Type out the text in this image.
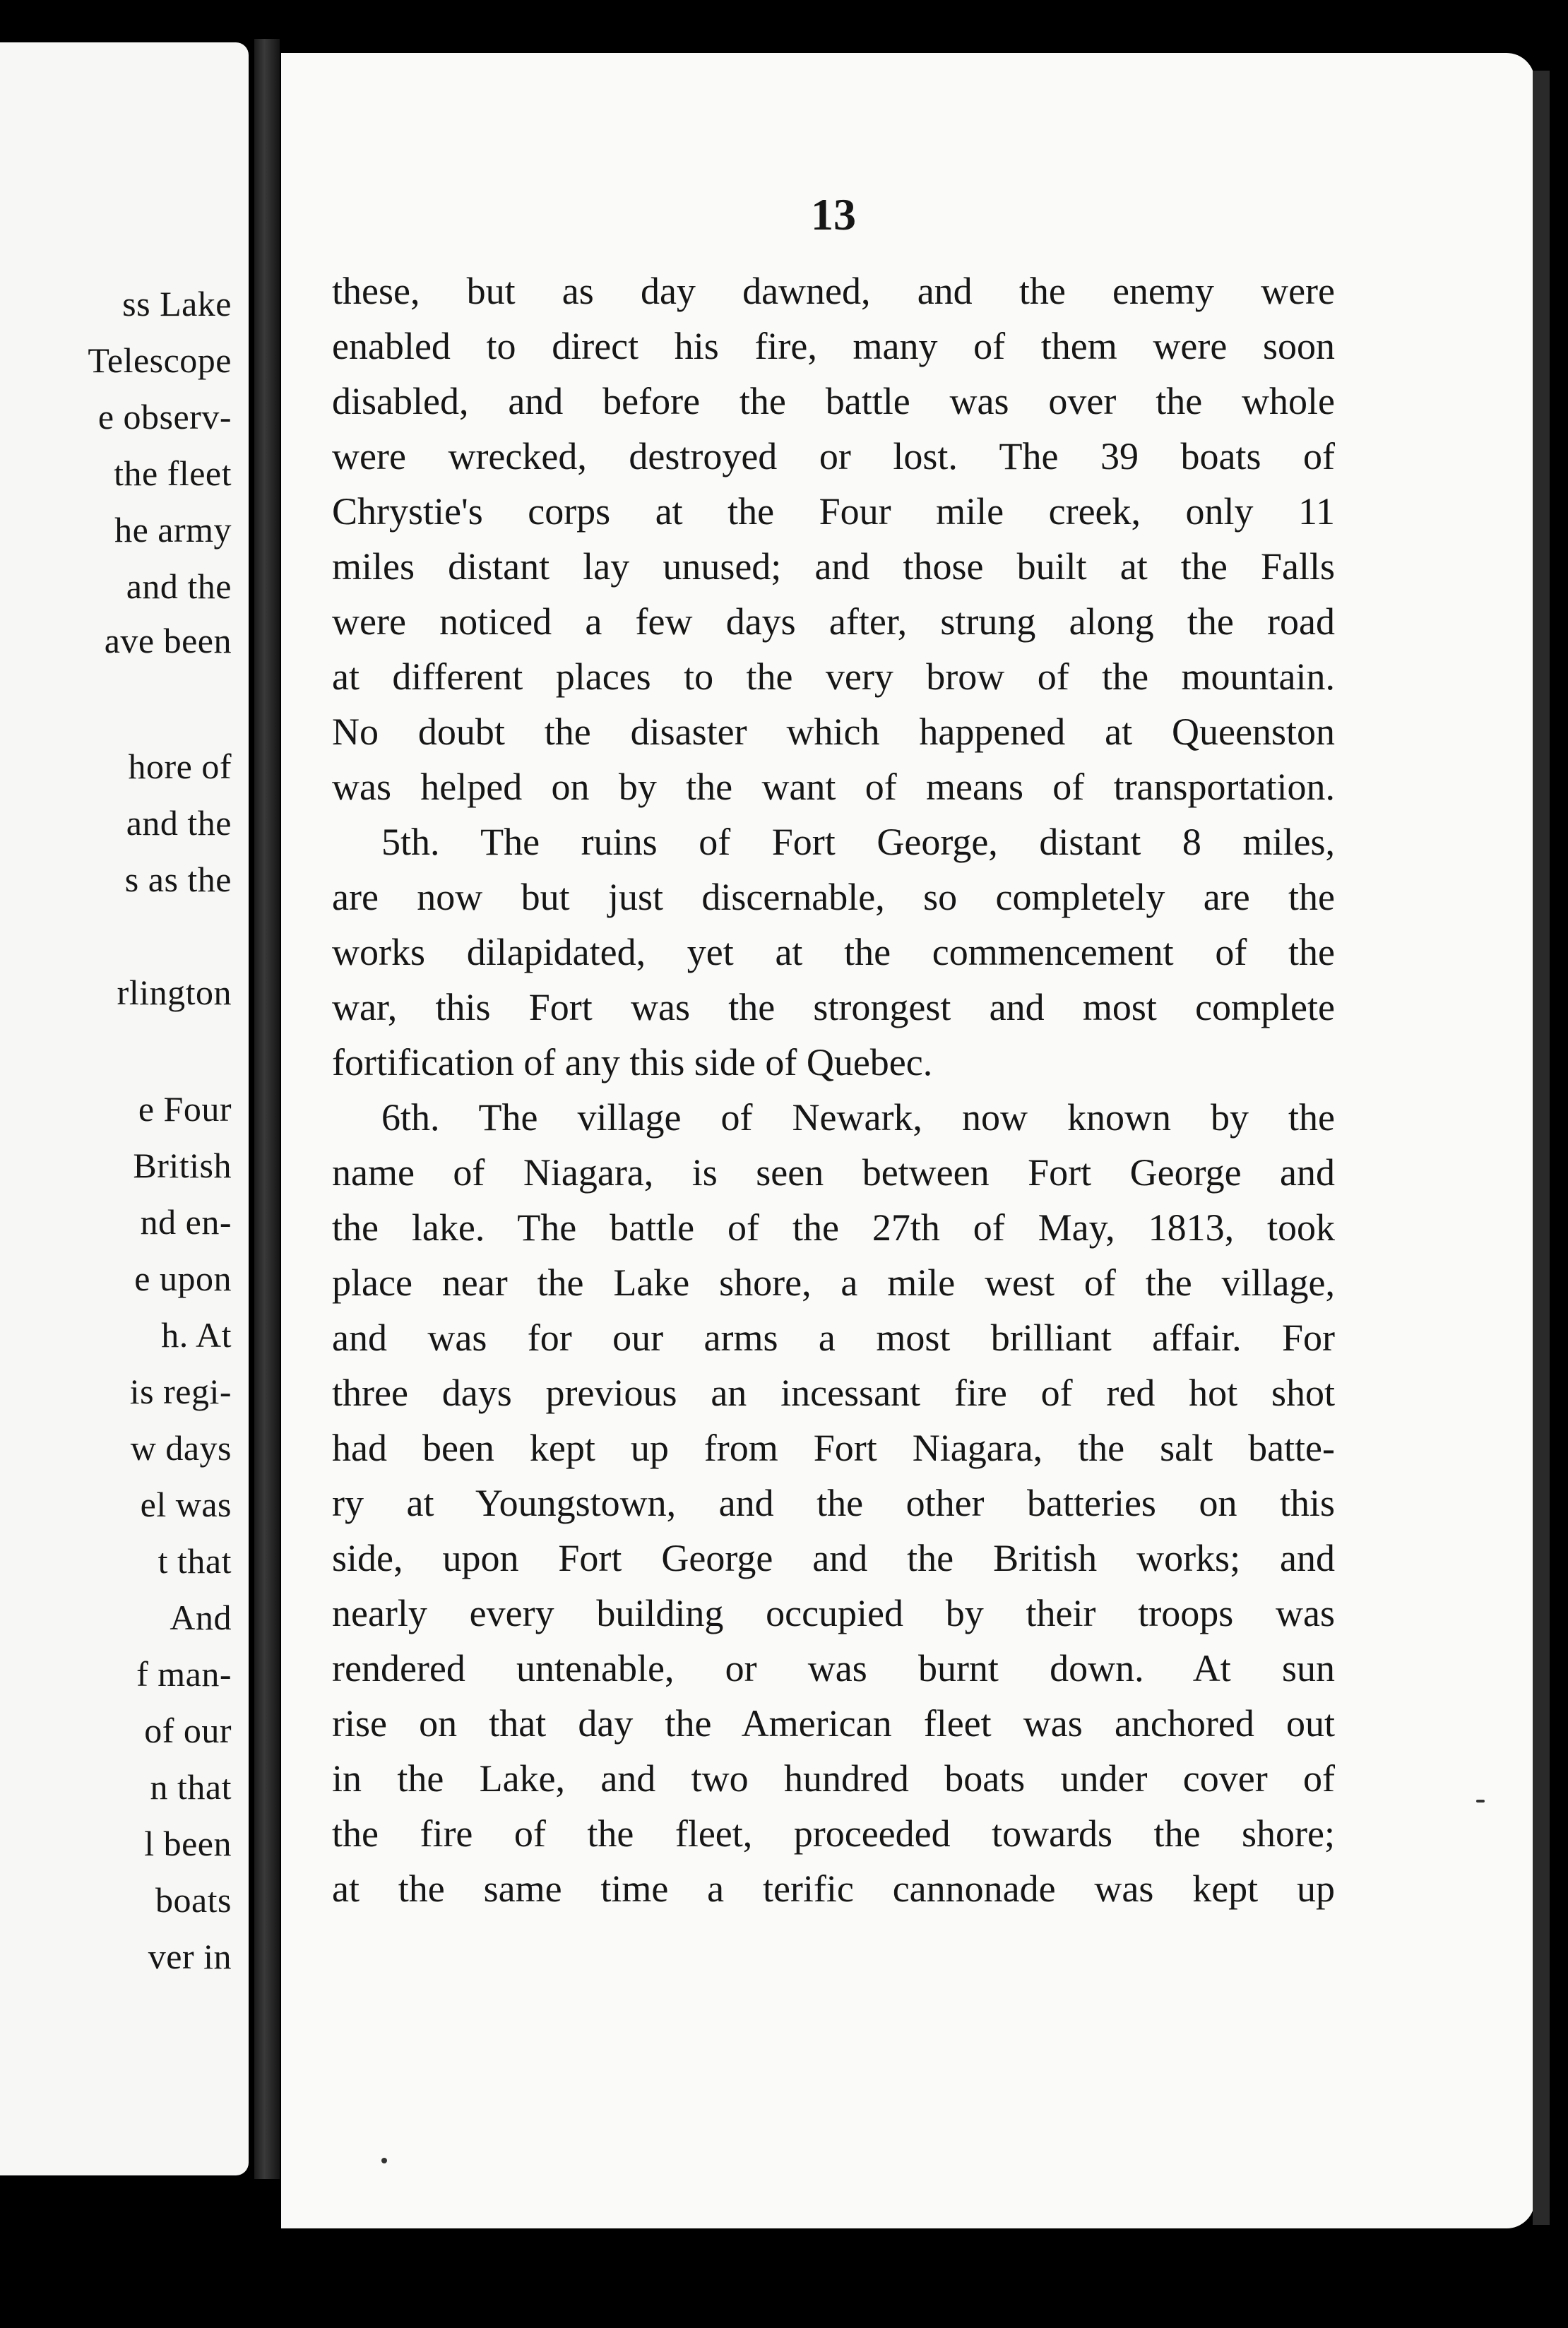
ss Lake
Telescope
e observ-
the fleet
he army
and the
ave been
hore of
and the
s as the
rlington
e Four
British
nd en-
e upon
h. At
is regi-
w days
el was
t that
And
f man-
of our
n that
l been
boats
ver in
13
these, but as day dawned, and the enemy were
enabled to direct his fire, many of them were soon
disabled, and before the battle was over the whole
were wrecked, destroyed or lost. The 39 boats of
Chrystie's corps at the Four mile creek, only 11
miles distant lay unused; and those built at the Falls
were noticed a few days after, strung along the road
at different places to the very brow of the mountain.
No doubt the disaster which happened at Queenston
was helped on by the want of means of transportation.
5th. The ruins of Fort George, distant 8 miles,
are now but just discernable, so completely are the
works dilapidated, yet at the commencement of the
war, this Fort was the strongest and most complete
fortification of any this side of Quebec.
6th. The village of Newark, now known by the
name of Niagara, is seen between Fort George and
the lake. The battle of the 27th of May, 1813, took
place near the Lake shore, a mile west of the village,
and was for our arms a most brilliant affair. For
three days previous an incessant fire of red hot shot
had been kept up from Fort Niagara, the salt batte-
ry at Youngstown, and the other batteries on this
side, upon Fort George and the British works; and
nearly every building occupied by their troops was
rendered untenable, or was burnt down. At sun
rise on that day the American fleet was anchored out
in the Lake, and two hundred boats under cover of
the fire of the fleet, proceeded towards the shore;
at the same time a terific cannonade was kept up
